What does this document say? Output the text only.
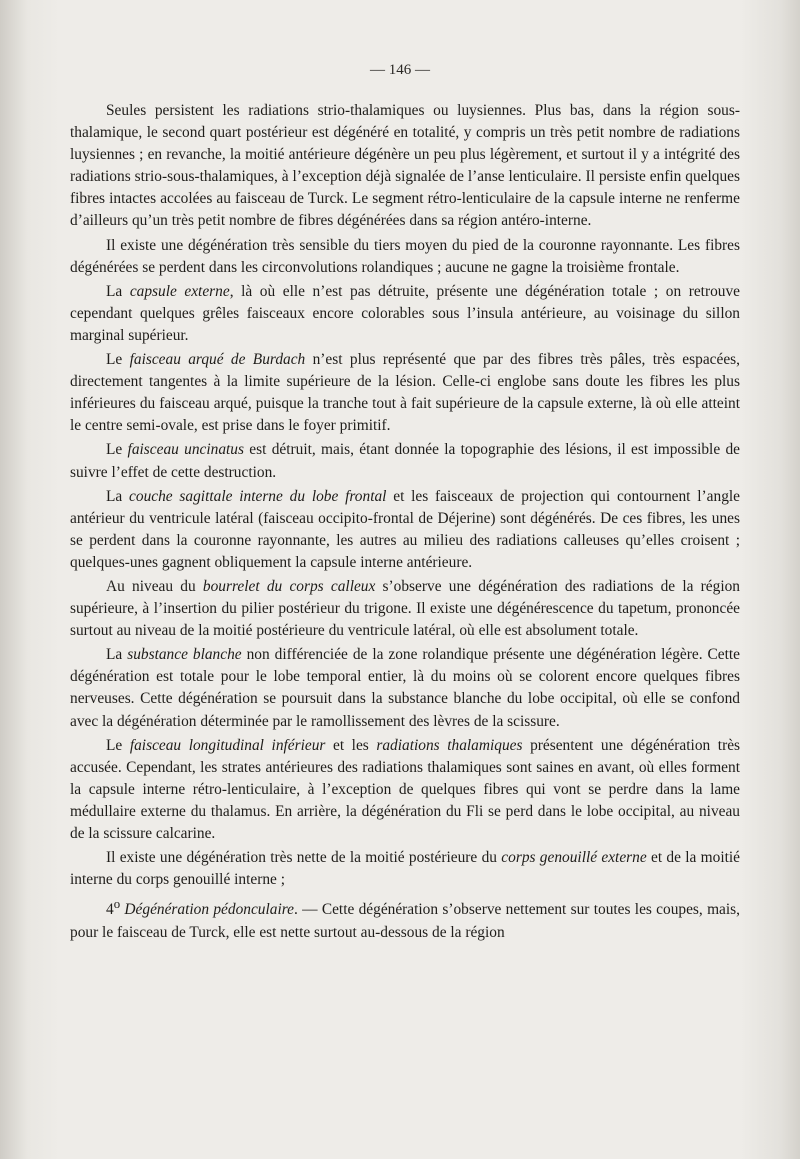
— 146 —

Seules persistent les radiations strio-thalamiques ou luysiennes. Plus bas, dans la région sous-thalamique, le second quart postérieur est dégénéré en totalité, y compris un très petit nombre de radiations luysiennes ; en revanche, la moitié antérieure dégénère un peu plus légèrement, et surtout il y a intégrité des radiations strio-sous-thalamiques, à l’exception déjà signalée de l’anse lenticulaire. Il persiste enfin quelques fibres intactes accolées au faisceau de Turck. Le segment rétro-lenticulaire de la capsule interne ne renferme d’ailleurs qu’un très petit nombre de fibres dégénérées dans sa région antéro-interne.

Il existe une dégénération très sensible du tiers moyen du pied de la couronne rayonnante. Les fibres dégénérées se perdent dans les circonvolutions rolandiques ; aucune ne gagne la troisième frontale.

La capsule externe, là où elle n’est pas détruite, présente une dégénération totale ; on retrouve cependant quelques grêles faisceaux encore colorables sous l’insula antérieure, au voisinage du sillon marginal supérieur.

Le faisceau arqué de Burdach n’est plus représenté que par des fibres très pâles, très espacées, directement tangentes à la limite supérieure de la lésion. Celle-ci englobe sans doute les fibres les plus inférieures du faisceau arqué, puisque la tranche tout à fait supérieure de la capsule externe, là où elle atteint le centre semi-ovale, est prise dans le foyer primitif.

Le faisceau uncinatus est détruit, mais, étant donnée la topographie des lésions, il est impossible de suivre l’effet de cette destruction.

La couche sagittale interne du lobe frontal et les faisceaux de projection qui contournent l’angle antérieur du ventricule latéral (faisceau occipito-frontal de Déjerine) sont dégénérés. De ces fibres, les unes se perdent dans la couronne rayonnante, les autres au milieu des radiations calleuses qu’elles croisent ; quelques-unes gagnent obliquement la capsule interne antérieure.

Au niveau du bourrelet du corps calleux s’observe une dégénération des radiations de la région supérieure, à l’insertion du pilier postérieur du trigone. Il existe une dégénérescence du tapetum, prononcée surtout au niveau de la moitié postérieure du ventricule latéral, où elle est absolument totale.

La substance blanche non différenciée de la zone rolandique présente une dégénération légère. Cette dégénération est totale pour le lobe temporal entier, là du moins où se colorent encore quelques fibres nerveuses. Cette dégénération se poursuit dans la substance blanche du lobe occipital, où elle se confond avec la dégénération déterminée par le ramollissement des lèvres de la scissure.

Le faisceau longitudinal inférieur et les radiations thalamiques présentent une dégénération très accusée. Cependant, les strates antérieures des radiations thalamiques sont saines en avant, où elles forment la capsule interne rétro-lenticulaire, à l’exception de quelques fibres qui vont se perdre dans la lame médullaire externe du thalamus. En arrière, la dégénération du Fli se perd dans le lobe occipital, au niveau de la scissure calcarine.

Il existe une dégénération très nette de la moitié postérieure du corps genouillé externe et de la moitié interne du corps genouillé interne ;

4$^o$ Dégénération pédonculaire. — Cette dégénération s’observe nettement sur toutes les coupes, mais, pour le faisceau de Turck, elle est nette surtout au-dessous de la région
